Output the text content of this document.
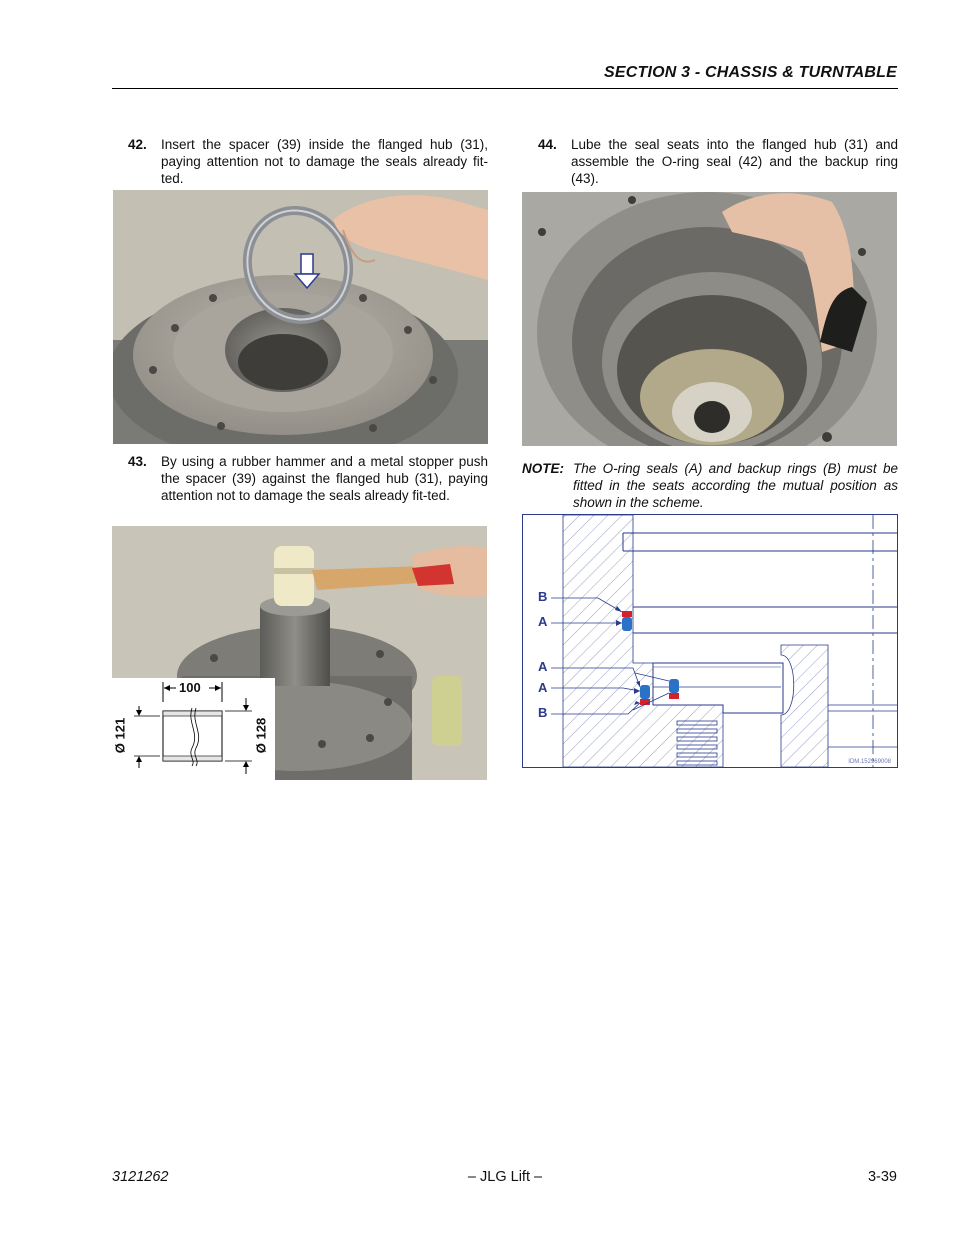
SECTION 3 - CHASSIS & TURNTABLE
42. Insert the spacer (39) inside the flanged hub (31), paying attention not to damage the seals already fit-ted.
43. By using a rubber hammer and a metal stopper push the spacer (39) against the flanged hub (31), paying attention not to damage the seals already fit-ted.
100
Ø 121	Ø 128
44. Lube the seal seats into the flanged hub (31) and assemble the O-ring seal (42) and the backup ring (43).
NOTE: The O-ring seals (A) and backup rings (B) must be fitted in the seats according the mutual position as shown in the scheme.
B
A
A
A
B
IDM.152969008
3121262	– JLG Lift –	3-39
